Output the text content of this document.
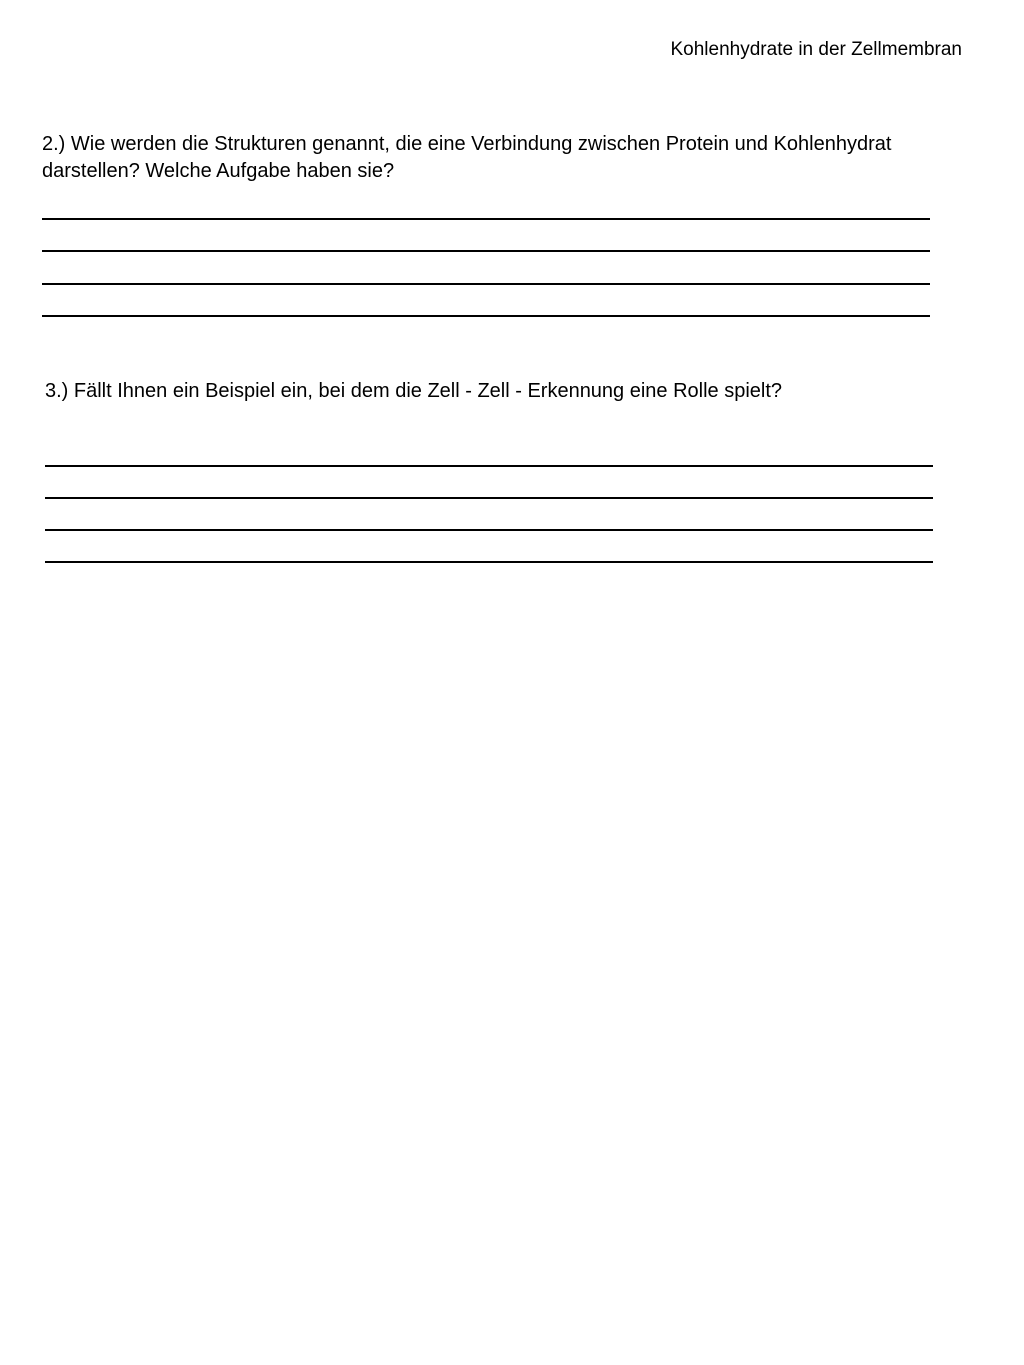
Kohlenhydrate in der Zellmembran
2.) Wie werden die Strukturen genannt, die eine Verbindung zwischen Protein und Kohlenhydrat darstellen? Welche Aufgabe haben sie?
3.) Fällt Ihnen ein Beispiel ein, bei dem die Zell - Zell - Erkennung eine Rolle spielt?
